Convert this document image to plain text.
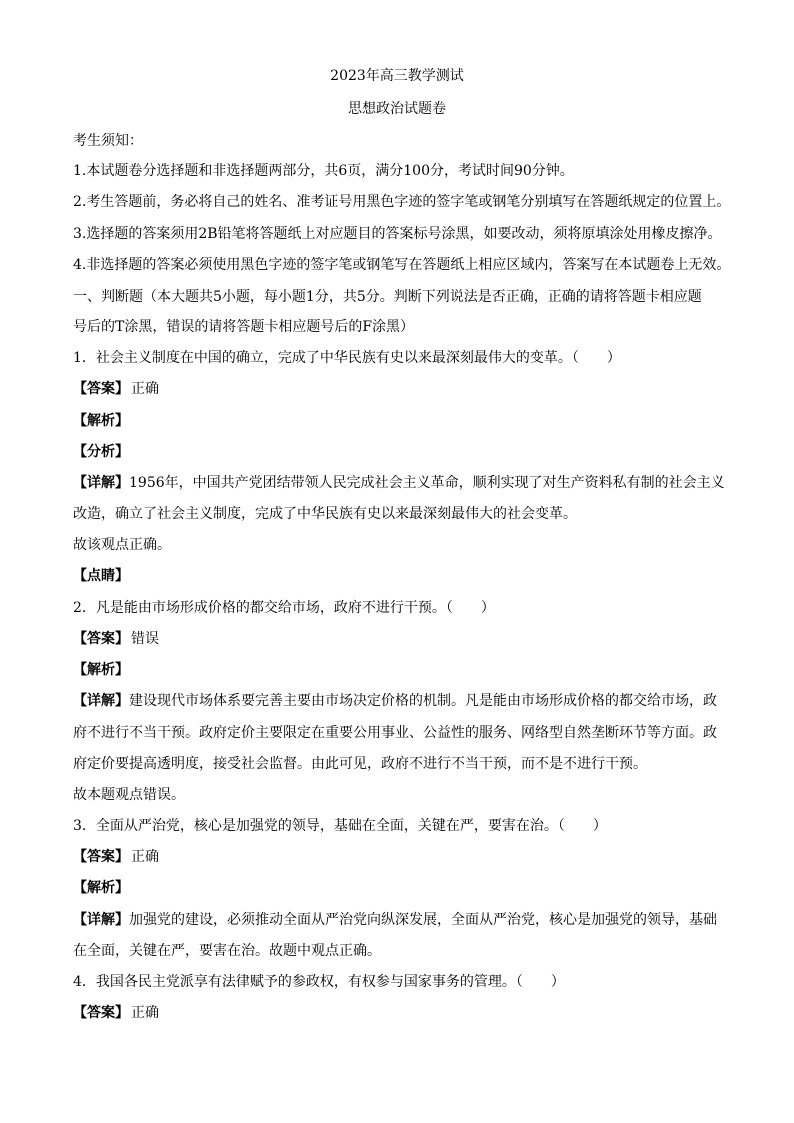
2023年高三教学测试
思想政治试题卷
考生须知：
1.本试题卷分选择题和非选择题两部分，共6页，满分100分，考试时间90分钟。
2.考生答题前，务必将自己的姓名、准考证号用黑色字迹的签字笔或钢笔分别填写在答题纸规定的位置上。
3.选择题的答案须用2B铅笔将答题纸上对应题目的答案标号涂黑，如要改动，须将原填涂处用橡皮擦净。
4.非选择题的答案必须使用黑色字迹的签字笔或钢笔写在答题纸上相应区域内，答案写在本试题卷上无效。
一、判断题（本大题共5小题，每小题1分，共5分。判断下列说法是否正确，正确的请将答题卡相应题
号后的T涂黑，错误的请将答题卡相应题号后的F涂黑）
1．社会主义制度在中国的确立，完成了中华民族有史以来最深刻最伟大的变革。（　　）
【答案】 正确
【解析】
【分析】
【详解】1956年，中国共产党团结带领人民完成社会主义革命，顺利实现了对生产资料私有制的社会主义
改造，确立了社会主义制度，完成了中华民族有史以来最深刻最伟大的社会变革。
故该观点正确。
【点睛】
2．凡是能由市场形成价格的都交给市场，政府不进行干预。（　　）
【答案】 错误
【解析】
【详解】建设现代市场体系要完善主要由市场决定价格的机制。凡是能由市场形成价格的都交给市场，政
府不进行不当干预。政府定价主要限定在重要公用事业、公益性的服务、网络型自然垄断环节等方面。政
府定价要提高透明度，接受社会监督。由此可见，政府不进行不当干预，而不是不进行干预。
故本题观点错误。
3．全面从严治党，核心是加强党的领导，基础在全面，关键在严，要害在治。（　　）
【答案】 正确
【解析】
【详解】加强党的建设，必须推动全面从严治党向纵深发展，全面从严治党，核心是加强党的领导，基础
在全面，关键在严，要害在治。故题中观点正确。
4．我国各民主党派享有法律赋予的参政权，有权参与国家事务的管理。（　　）
【答案】 正确
